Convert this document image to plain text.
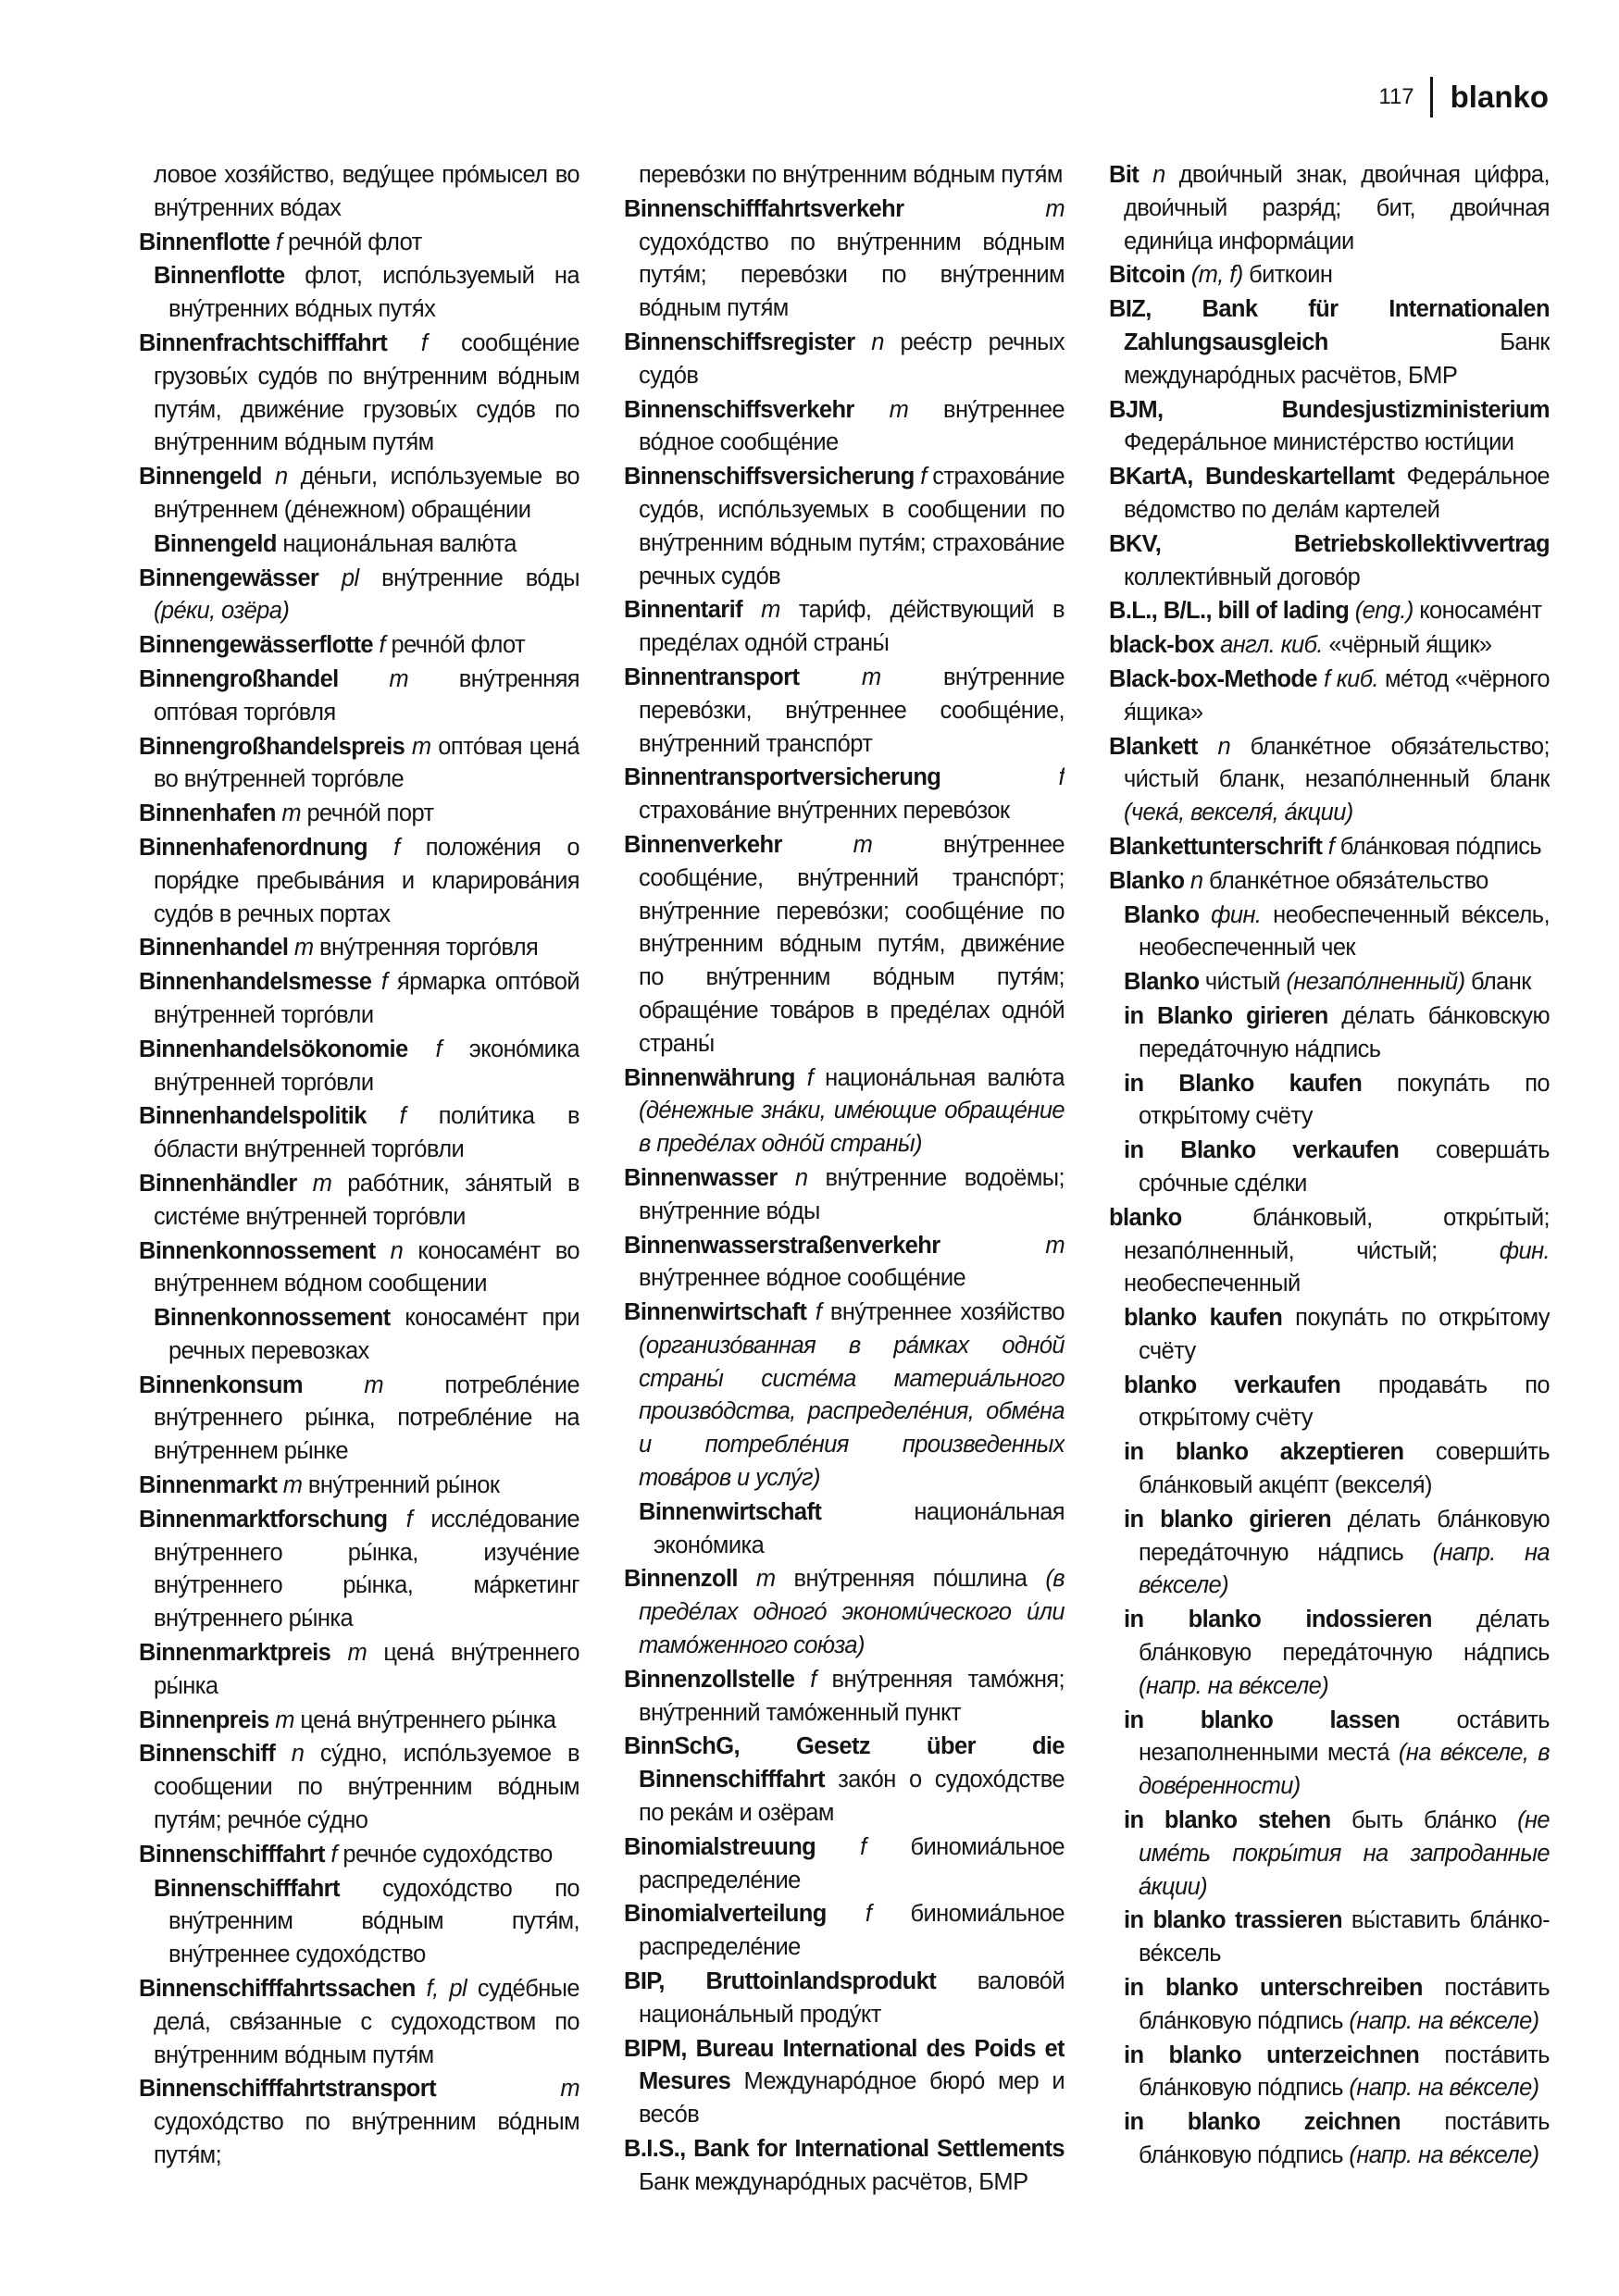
117	blanko

ловое хозя́йство, веду́щее про́мысел во вну́тренних во́дах

Binnenflotte f речно́й флот

Binnenflotte флот, испо́льзуемый на вну́тренних во́дных путя́х

Binnenfrachtschifffahrt f сообще́ние грузовы́х судо́в по вну́тренним во́дным путя́м, движе́ние грузовы́х судо́в по вну́тренним во́дным путя́м

Binnengeld n де́ньги, испо́льзуемые во вну́треннем (де́нежном) обраще́нии

Binnengeld национа́льная валю́та

Binnengewässer pl вну́тренние во́ды (ре́ки, озёра)

Binnengewässerflotte f речно́й флот

Binnengroßhandel m вну́тренняя опто́вая торго́вля

Binnengroßhandelspreis m опто́вая цена́ во вну́тренней торго́вле

Binnenhafen m речно́й порт

Binnenhafenordnung f положе́ния о поря́дке пребыва́ния и кларирова́ния судо́в в речных портах

Binnenhandel m вну́тренняя торго́вля

Binnenhandelsmesse f я́рмарка опто́вой вну́тренней торго́вли

Binnenhandelsökonomie f эконо́мика вну́тренней торго́вли

Binnenhandelspolitik f поли́тика в о́бласти вну́тренней торго́вли

Binnenhändler m рабо́тник, за́нятый в систе́ме вну́тренней торго́вли

Binnenkonnossement n коносаме́нт во вну́треннем во́дном сообщении

Binnenkonnossement коносаме́нт при речных перевозках

Binnenkonsum m потребле́ние вну́треннего ры́нка, потребле́ние на вну́треннем ры́нке

Binnenmarkt m вну́тренний ры́нок

Binnenmarktforschung f иссле́дование вну́треннего ры́нка, изуче́ние вну́треннего ры́нка, ма́ркетинг вну́треннего ры́нка

Binnenmarktpreis m цена́ вну́треннего ры́нка

Binnenpreis m цена́ вну́треннего ры́нка

Binnenschiff n су́дно, испо́льзуемое в сообщении по вну́тренним во́дным путя́м; речно́е су́дно

Binnenschifffahrt f речно́е судохо́дство

Binnenschifffahrt судохо́дство по вну́тренним во́дным путя́м, вну́треннее судохо́дство

Binnenschifffahrtssachen f, pl суде́бные дела́, свя́занные с судоходством по вну́тренним во́дным путя́м

Binnenschifffahrtstransport m судохо́дство по вну́тренним во́дным путя́м;

перево́зки по вну́тренним во́дным путя́м

Binnenschifffahrtsverkehr m судохо́дство по вну́тренним во́дным путя́м; перево́зки по вну́тренним во́дным путя́м

Binnenschiffsregister n рее́стр речных судо́в

Binnenschiffsverkehr m вну́треннее во́дное сообще́ние

Binnenschiffsversicherung f страхова́ние судо́в, испо́льзуемых в сообщении по вну́тренним во́дным путя́м; страхова́ние речных судо́в

Binnentarif m тари́ф, де́йствующий в преде́лах одно́й страны́

Binnentransport m вну́тренние перево́зки, вну́треннее сообще́ние, вну́тренний транспо́рт

Binnentransportversicherung f страхова́ние вну́тренних перево́зок

Binnenverkehr m вну́треннее сообще́ние, вну́тренний транспо́рт; вну́тренние перево́зки; сообще́ние по вну́тренним во́дным путя́м, движе́ние по вну́тренним во́дным путя́м; обраще́ние това́ров в преде́лах одно́й страны́

Binnenwährung f национа́льная валю́та (де́нежные зна́ки, име́ющие обраще́ние в преде́лах одно́й страны́)

Binnenwasser n вну́тренние водоёмы; вну́тренние во́ды

Binnenwasserstraßenverkehr m вну́треннее во́дное сообще́ние

Binnenwirtschaft f вну́треннее хозя́йство (организо́ванная в ра́мках одно́й страны́ систе́ма материа́льного произво́дства, распределе́ния, обме́на и потребле́ния произведенных това́ров и услу́г)

Binnenwirtschaft национа́льная эконо́мика

Binnenzoll m вну́тренняя по́шлина (в преде́лах одного́ экономи́ческого и́ли тамо́женного сою́за)

Binnenzollstelle f вну́тренняя тамо́жня; вну́тренний тамо́женный пункт

BinnSchG, Gesetz über die Binnenschifffahrt зако́н о судохо́дстве по река́м и озёрам

Binomialstreuung f биномиа́льное распределе́ние

Binomialverteilung f биномиа́льное распределе́ние

BIP, Bruttoinlandsprodukt валово́й национа́льный проду́кт

BIPM, Bureau International des Poids et Mesures Междунаро́дное бюро́ мер и весо́в

B.I.S., Bank for International Settlements Банк междунаро́дных расчётов, БМР

Bit n двои́чный знак, двои́чная ци́фра, двои́чный разря́д; бит, двои́чная едини́ца информа́ции

Bitcoin (m, f) биткоин

BIZ, Bank für Internationalen Zahlungsausgleich Банк междунаро́дных расчётов, БМР

BJM, Bundesjustizministerium Федера́льное министе́рство юсти́ции

BKartA, Bundeskartellamt Федера́льное ве́домство по дела́м картелей

BKV, Betriebskollektivvertrag коллекти́вный догово́р

B.L., B/L., bill of lading (eng.) коносаме́нт

black-box англ. киб. «чёрный я́щик»

Black-box-Methode f киб. ме́тод «чёрного я́щика»

Blankett n бланке́тное обяза́тельство; чи́стый бланк, незапо́лненный бланк (чека́, векселя́, а́кции)

Blankettunterschrift f бла́нковая по́дпись

Blanko n бланке́тное обяза́тельство

Blanko фин. необеспеченный ве́ксель, необеспеченный чек

Blanko чи́стый (незапо́лненный) бланк

in Blanko girieren де́лать ба́нковскую переда́точную на́дпись

in Blanko kaufen покупа́ть по откры́тому счёту

in Blanko verkaufen соверша́ть сро́чные сде́лки

blanko бла́нковый, откры́тый; незапо́лненный, чи́стый; фин. необеспеченный

blanko kaufen покупа́ть по откры́тому счёту

blanko verkaufen продава́ть по откры́тому счёту

in blanko akzeptieren соверши́ть бла́нковый акце́пт (векселя́)

in blanko girieren де́лать бла́нковую переда́точную на́дпись (напр. на ве́кселе)

in blanko indossieren де́лать бла́нковую переда́точную на́дпись (напр. на ве́кселе)

in blanko lassen оста́вить незаполненными места́ (на ве́кселе, в дове́ренности)

in blanko stehen быть бла́нко (не име́ть покры́тия на запроданные а́кции)

in blanko trassieren вы́ставить бла́нко-ве́ксель

in blanko unterschreiben поста́вить бла́нковую по́дпись (напр. на ве́кселе)

in blanko unterzeichnen поста́вить бла́нковую по́дпись (напр. на ве́кселе)

in blanko zeichnen поста́вить бла́нковую по́дпись (напр. на ве́кселе)
